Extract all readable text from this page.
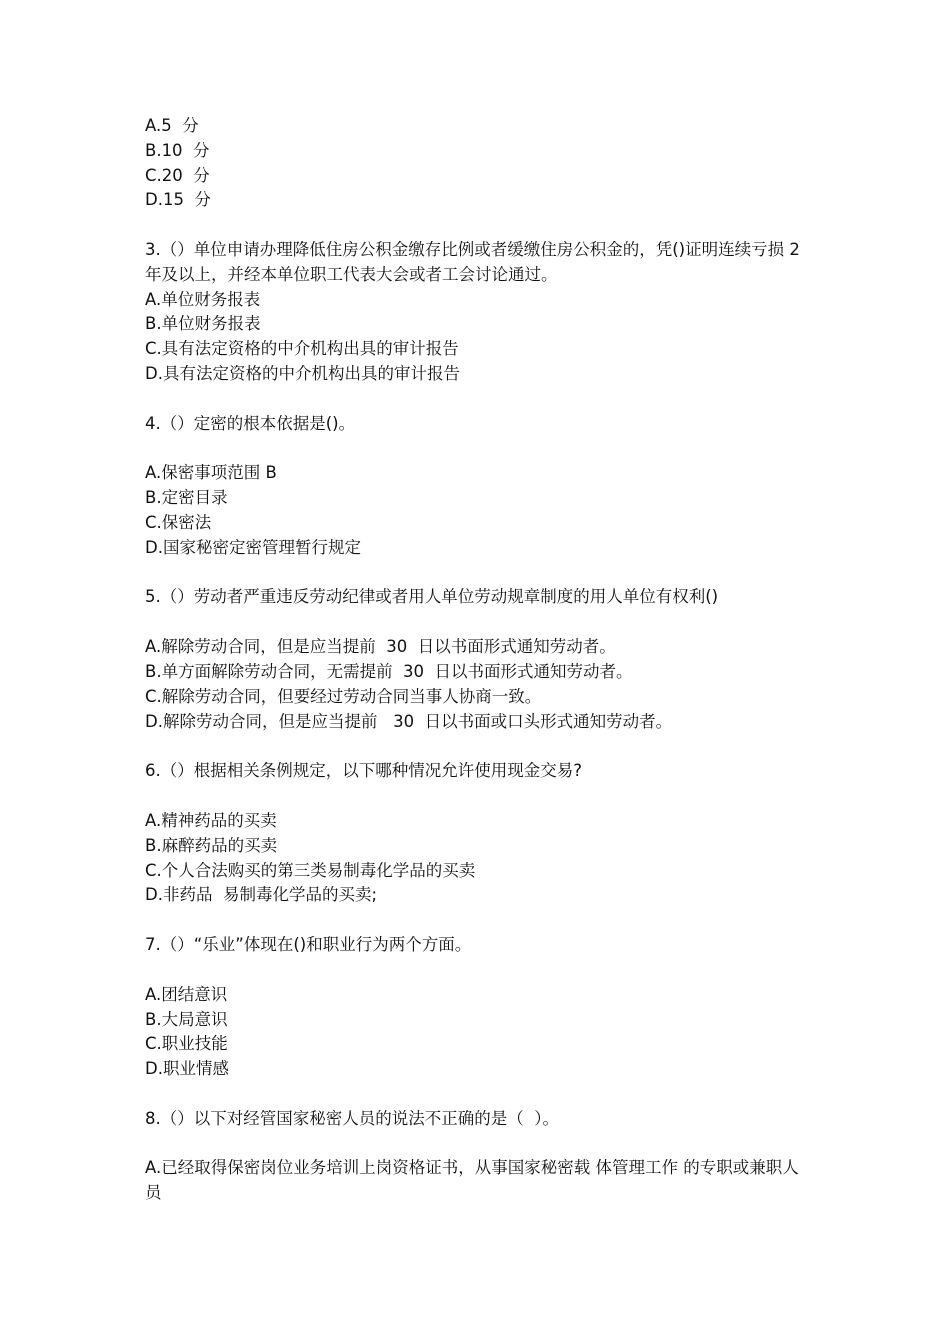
A.5  分
B.10  分
C.20  分
D.15  分
3.（）单位申请办理降低住房公积金缴存比例或者缓缴住房公积金的，凭()证明连续亏损 2 年及以上，并经本单位职工代表大会或者工会讨论通过。
A.单位财务报表
B.单位财务报表
C.具有法定资格的中介机构出具的审计报告
D.具有法定资格的中介机构出具的审计报告
4.（）定密的根本依据是()。
A.保密事项范围 B
B.定密目录
C.保密法
D.国家秘密定密管理暂行规定
5.（）劳动者严重违反劳动纪律或者用人单位劳动规章制度的用人单位有权利()
A.解除劳动合同，但是应当提前  30  日以书面形式通知劳动者。
B.单方面解除劳动合同，无需提前  30  日以书面形式通知劳动者。
C.解除劳动合同，但要经过劳动合同当事人协商一致。
D.解除劳动合同，但是应当提前   30  日以书面或口头形式通知劳动者。
6.（）根据相关条例规定，以下哪种情况允许使用现金交易?
A.精神药品的买卖
B.麻醉药品的买卖
C.个人合法购买的第三类易制毒化学品的买卖
D.非药品  易制毒化学品的买卖;
7.（）“乐业”体现在()和职业行为两个方面。
A.团结意识
B.大局意识
C.职业技能
D.职业情感
8.（）以下对经管国家秘密人员的说法不正确的是（  ）。
A.已经取得保密岗位业务培训上岗资格证书，从事国家秘密载 体管理工作 的专职或兼职人员
